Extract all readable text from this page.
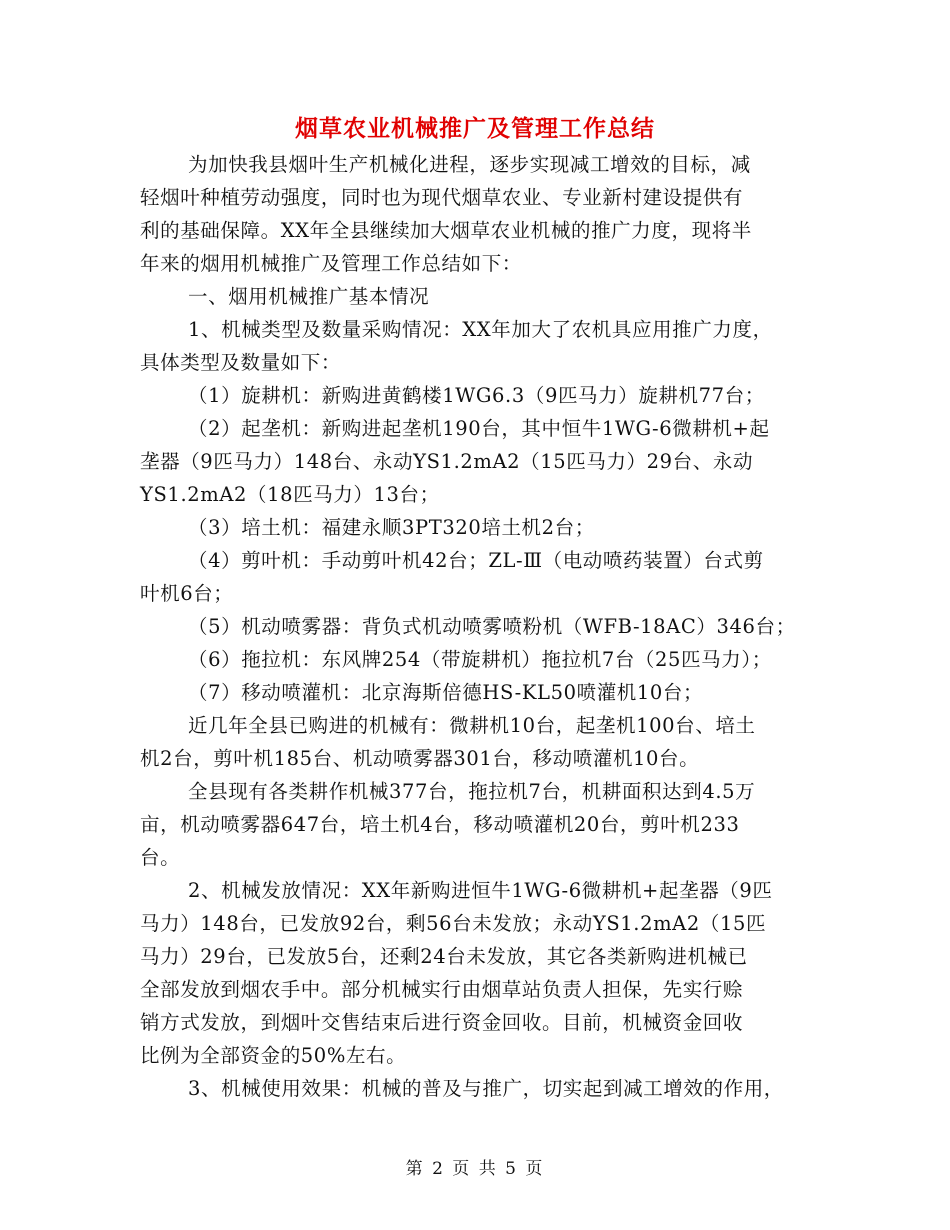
烟草农业机械推广及管理工作总结
为加快我县烟叶生产机械化进程，逐步实现减工增效的目标，减
轻烟叶种植劳动强度，同时也为现代烟草农业、专业新村建设提供有
利的基础保障。XX年全县继续加大烟草农业机械的推广力度，现将半
年来的烟用机械推广及管理工作总结如下：
一、烟用机械推广基本情况
1、机械类型及数量采购情况：XX年加大了农机具应用推广力度，
具体类型及数量如下：
（1）旋耕机：新购进黄鹤楼1WG6.3（9匹马力）旋耕机77台；
（2）起垄机：新购进起垄机190台，其中恒牛1WG-6微耕机+起
垄器（9匹马力）148台、永动YS1.2mA2（15匹马力）29台、永动
YS1.2mA2（18匹马力）13台；
（3）培土机：福建永顺3PT320培土机2台；
（4）剪叶机：手动剪叶机42台；ZL-Ⅲ（电动喷药装置）台式剪
叶机6台；
（5）机动喷雾器：背负式机动喷雾喷粉机（WFB-18AC）346台；
（6）拖拉机：东风牌254（带旋耕机）拖拉机7台（25匹马力）；
（7）移动喷灌机：北京海斯倍德HS-KL50喷灌机10台；
近几年全县已购进的机械有：微耕机10台，起垄机100台、培土
机2台，剪叶机185台、机动喷雾器301台，移动喷灌机10台。
全县现有各类耕作机械377台，拖拉机7台，机耕面积达到4.5万
亩，机动喷雾器647台，培土机4台，移动喷灌机20台，剪叶机233
台。
2、机械发放情况：XX年新购进恒牛1WG-6微耕机+起垄器（9匹
马力）148台，已发放92台，剩56台未发放；永动YS1.2mA2（15匹
马力）29台，已发放5台，还剩24台未发放，其它各类新购进机械已
全部发放到烟农手中。部分机械实行由烟草站负责人担保，先实行赊
销方式发放，到烟叶交售结束后进行资金回收。目前，机械资金回收
比例为全部资金的50%左右。
3、机械使用效果：机械的普及与推广，切实起到减工增效的作用，
第 2 页 共 5 页
